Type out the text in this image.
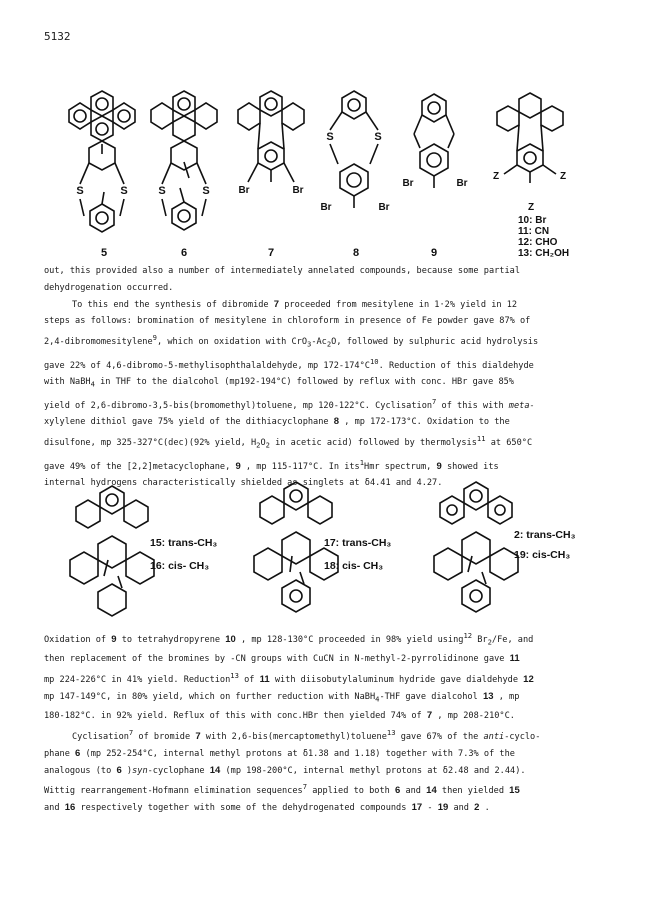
5132
S	S	S	S	Br	Br
S	S
Br	Br
Br	Br
Z	Z
Z
10: Br
11: CN
12: CHO
13: CH₂OH
5	6	7	8	9

out, this provided also a number of intermediately annelated compounds, because some partial

dehydrogenation occurred.

To this end the synthesis of dibromide 7 proceeded from mesitylene in 1·2% yield in 12

steps as follows: bromination of mesitylene in chloroform in presence of Fe powder gave 87% of

2,4-dibromomesitylene$^9$, which on oxidation with $CrO_3-Ac_2O$, followed by sulphuric acid hydrolysis

gave 22% of 4,6-dibromo-5-methylisophthalaldehyde, mp $172-174^\circ C^{10}$. Reduction of this dialdehyde

with NaBH$_4$ in THF to the dialcohol (mp192-194°C) followed by reflux with conc. HBr gave 85%

yield of 2,6-dibromo-3,5-bis(bromomethyl)toluene, mp 120-122°C. Cyclisation$^7$ of this with meta-

xylylene dithiol gave 75% yield of the dithiacyclophane 8 , mp 172-173°C. Oxidation to the

disulfone, mp 325-327°C(dec)(92% yield, $H_2O_2$ in acetic acid) followed by thermolysis$^{11}$ at 650°C

gave 49% of the [2,2]metacyclophane, 9 , mp 115-117°C. In its$^1$Hmr spectrum, 9 showed its

internal hydrogens characteristically shielded as singlets at δ4.41 and 4.27.

15: trans-CH₃
16: cis- CH₃
17: trans-CH₃
18: cis- CH₃
2: trans-CH₃
19: cis-CH₃

Oxidation of 9 to tetrahydropyrene 10 , mp 128-130°C proceeded in 98% yield using$^{12}$ $Br_2/Fe$, and

then replacement of the bromines by -CN groups with CuCN in N-methyl-2-pyrrolidinone gave 11

mp 224-226°C in 41% yield. Reduction$^{13}$ of 11 with diisobutylaluminum hydride gave dialdehyde 12

mp 147-149°C, in 80% yield, which on further reduction with NaBH$_4$-THF gave dialcohol 13 , mp

180-182°C. in 92% yield. Reflux of this with conc.HBr then yielded 74% of 7 , mp 208-210°C.

Cyclisation$^7$ of bromide 7 with 2,6-bis(mercaptomethyl)toluene$^{13}$ gave 67% of the anti-cyclo-

phane 6 (mp 252-254°C, internal methyl protons at δ1.38 and 1.18) together with 7.3% of the

analogous (to 6 )syn-cyclophane 14 (mp 198-200°C, internal methyl protons at δ2.48 and 2.44).

Wittig rearrangement-Hofmann elimination sequences$^7$ applied to both 6 and 14 then yielded 15

and 16 respectively together with some of the dehydrogenated compounds 17 - 19 and 2 .
